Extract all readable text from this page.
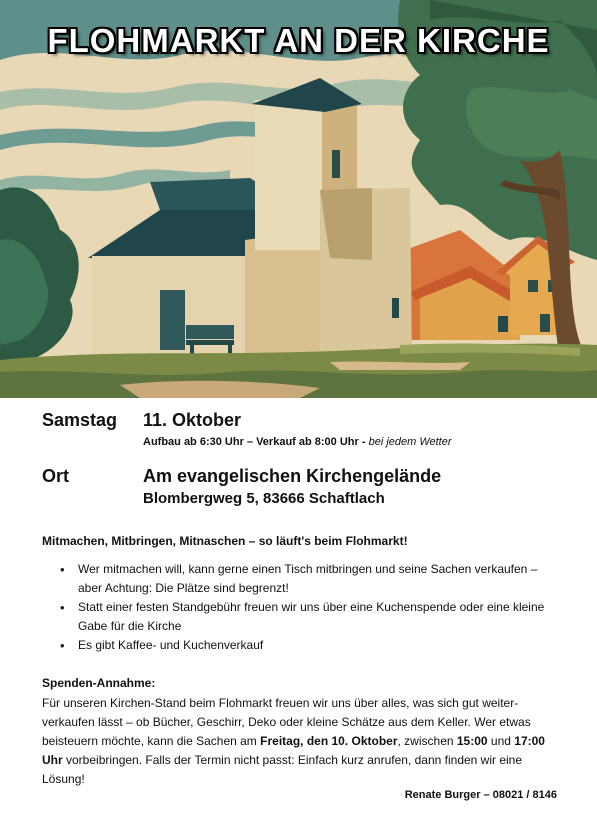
FLOHMARKT AN DER KIRCHE
Samstag 11. Oktober
Aufbau ab 6:30 Uhr – Verkauf ab 8:00 Uhr - bei jedem Wetter
Ort	Am evangelischen Kirchengelände
Blombergweg 5, 83666 Schaftlach
Mitmachen, Mitbringen, Mitnaschen – so läuft's beim Flohmarkt!
• Wer mitmachen will, kann gerne einen Tisch mitbringen und seine Sachen verkaufen – aber Achtung: Die Plätze sind begrenzt!
• Statt einer festen Standgebühr freuen wir uns über eine Kuchenspende oder eine kleine Gabe für die Kirche
• Es gibt Kaffee- und Kuchenverkauf
Spenden-Annahme:
Für unseren Kirchen-Stand beim Flohmarkt freuen wir uns über alles, was sich gut weiter-verkaufen lässt – ob Bücher, Geschirr, Deko oder kleine Schätze aus dem Keller. Wer etwas beisteuern möchte, kann die Sachen am Freitag, den 10. Oktober, zwischen 15:00 und 17:00 Uhr vorbeibringen. Falls der Termin nicht passt: Einfach kurz anrufen, dann finden wir eine Lösung!
Renate Burger – 08021 / 8146
